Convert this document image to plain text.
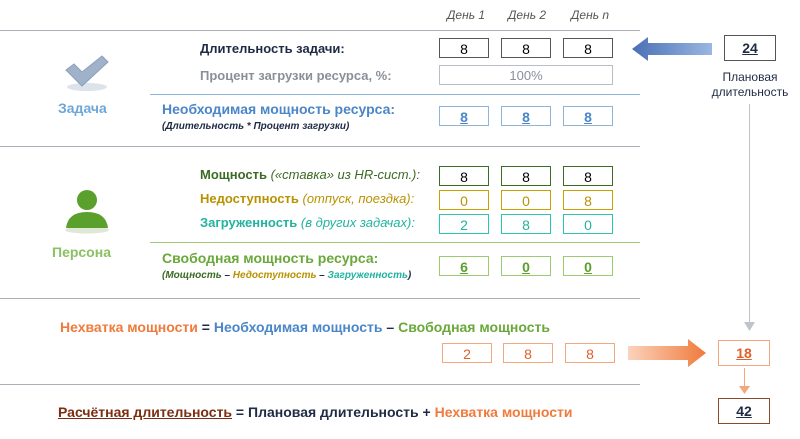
День 1	День 2	День n
Задача
Длительность задачи:	8	8	8
Процент загрузки ресурса, %:	100%
Необходимая мощность ресурса:
(Длительность * Процент загрузки)
8	8	8
24
Плановая
длительность
Персона
Мощность («ставка» из HR-сист.):	8	8	8
Недоступность (отпуск, поездка):	0	0	8
Загруженность (в других задачах):	2	8	0
Свободная мощность ресурса:
(Мощность – Недоступность – Загруженность)
6	0	0
Нехватка мощности = Необходимая мощность – Свободная мощность
2	8	8	18
Расчётная длительность = Плановая длительность + Нехватка мощности	42
